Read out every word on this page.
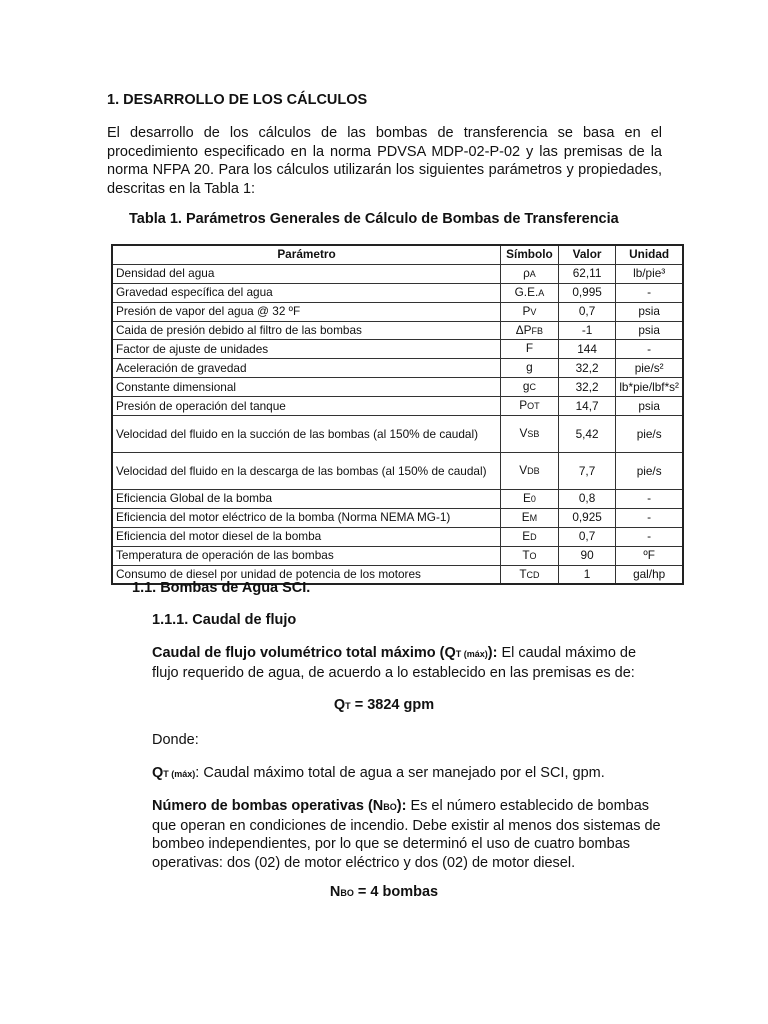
1. DESARROLLO DE LOS CÁLCULOS
El desarrollo de los cálculos de las bombas de transferencia se basa en el procedimiento especificado en la norma PDVSA MDP-02-P-02 y las premisas de la norma NFPA 20. Para los cálculos utilizarán los siguientes parámetros y propiedades, descritas en la Tabla 1:
Tabla 1. Parámetros Generales de Cálculo de Bombas de Transferencia
Parámetro	Símbolo	Valor	Unidad
Densidad del agua	ρA	62,11	lb/pie³
Gravedad específica del agua	G.E.A	0,995	-
Presión de vapor del agua @ 32 ºF	PV	0,7	psia
Caida de presión debido al filtro de las bombas	ΔPFB	-1	psia
Factor de ajuste de unidades	F	144	-
Aceleración de gravedad	g	32,2	pie/s²
Constante dimensional	gC	32,2	lb*pie/lbf*s²
Presión de operación del tanque	POT	14,7	psia
Velocidad del fluido en la succión de las bombas (al 150% de caudal)	VSB	5,42	pie/s
Velocidad del fluido en la descarga de las bombas (al 150% de caudal)	VDB	7,7	pie/s
Eficiencia Global de la bomba	E0	0,8	-
Eficiencia del motor eléctrico de la bomba (Norma NEMA MG-1)	EM	0,925	-
Eficiencia del motor diesel de la bomba	ED	0,7	-
Temperatura de operación de las bombas	TO	90	ºF
Consumo de diesel por unidad de potencia de los motores	TCD	1	gal/hp
1.1. Bombas de Agua SCI.
1.1.1. Caudal de flujo
Caudal de flujo volumétrico total máximo (QT (máx)): El caudal máximo de flujo requerido de agua, de acuerdo a lo establecido en las premisas es de:
QT = 3824 gpm
Donde:
QT (máx): Caudal máximo total de agua a ser manejado por el SCI, gpm.
Número de bombas operativas (NBO): Es el número establecido de bombas que operan en condiciones de incendio. Debe existir al menos dos sistemas de bombeo independientes, por lo que se determinó el uso de cuatro bombas operativas: dos (02) de motor eléctrico y dos (02) de motor diesel.
NBO = 4 bombas
